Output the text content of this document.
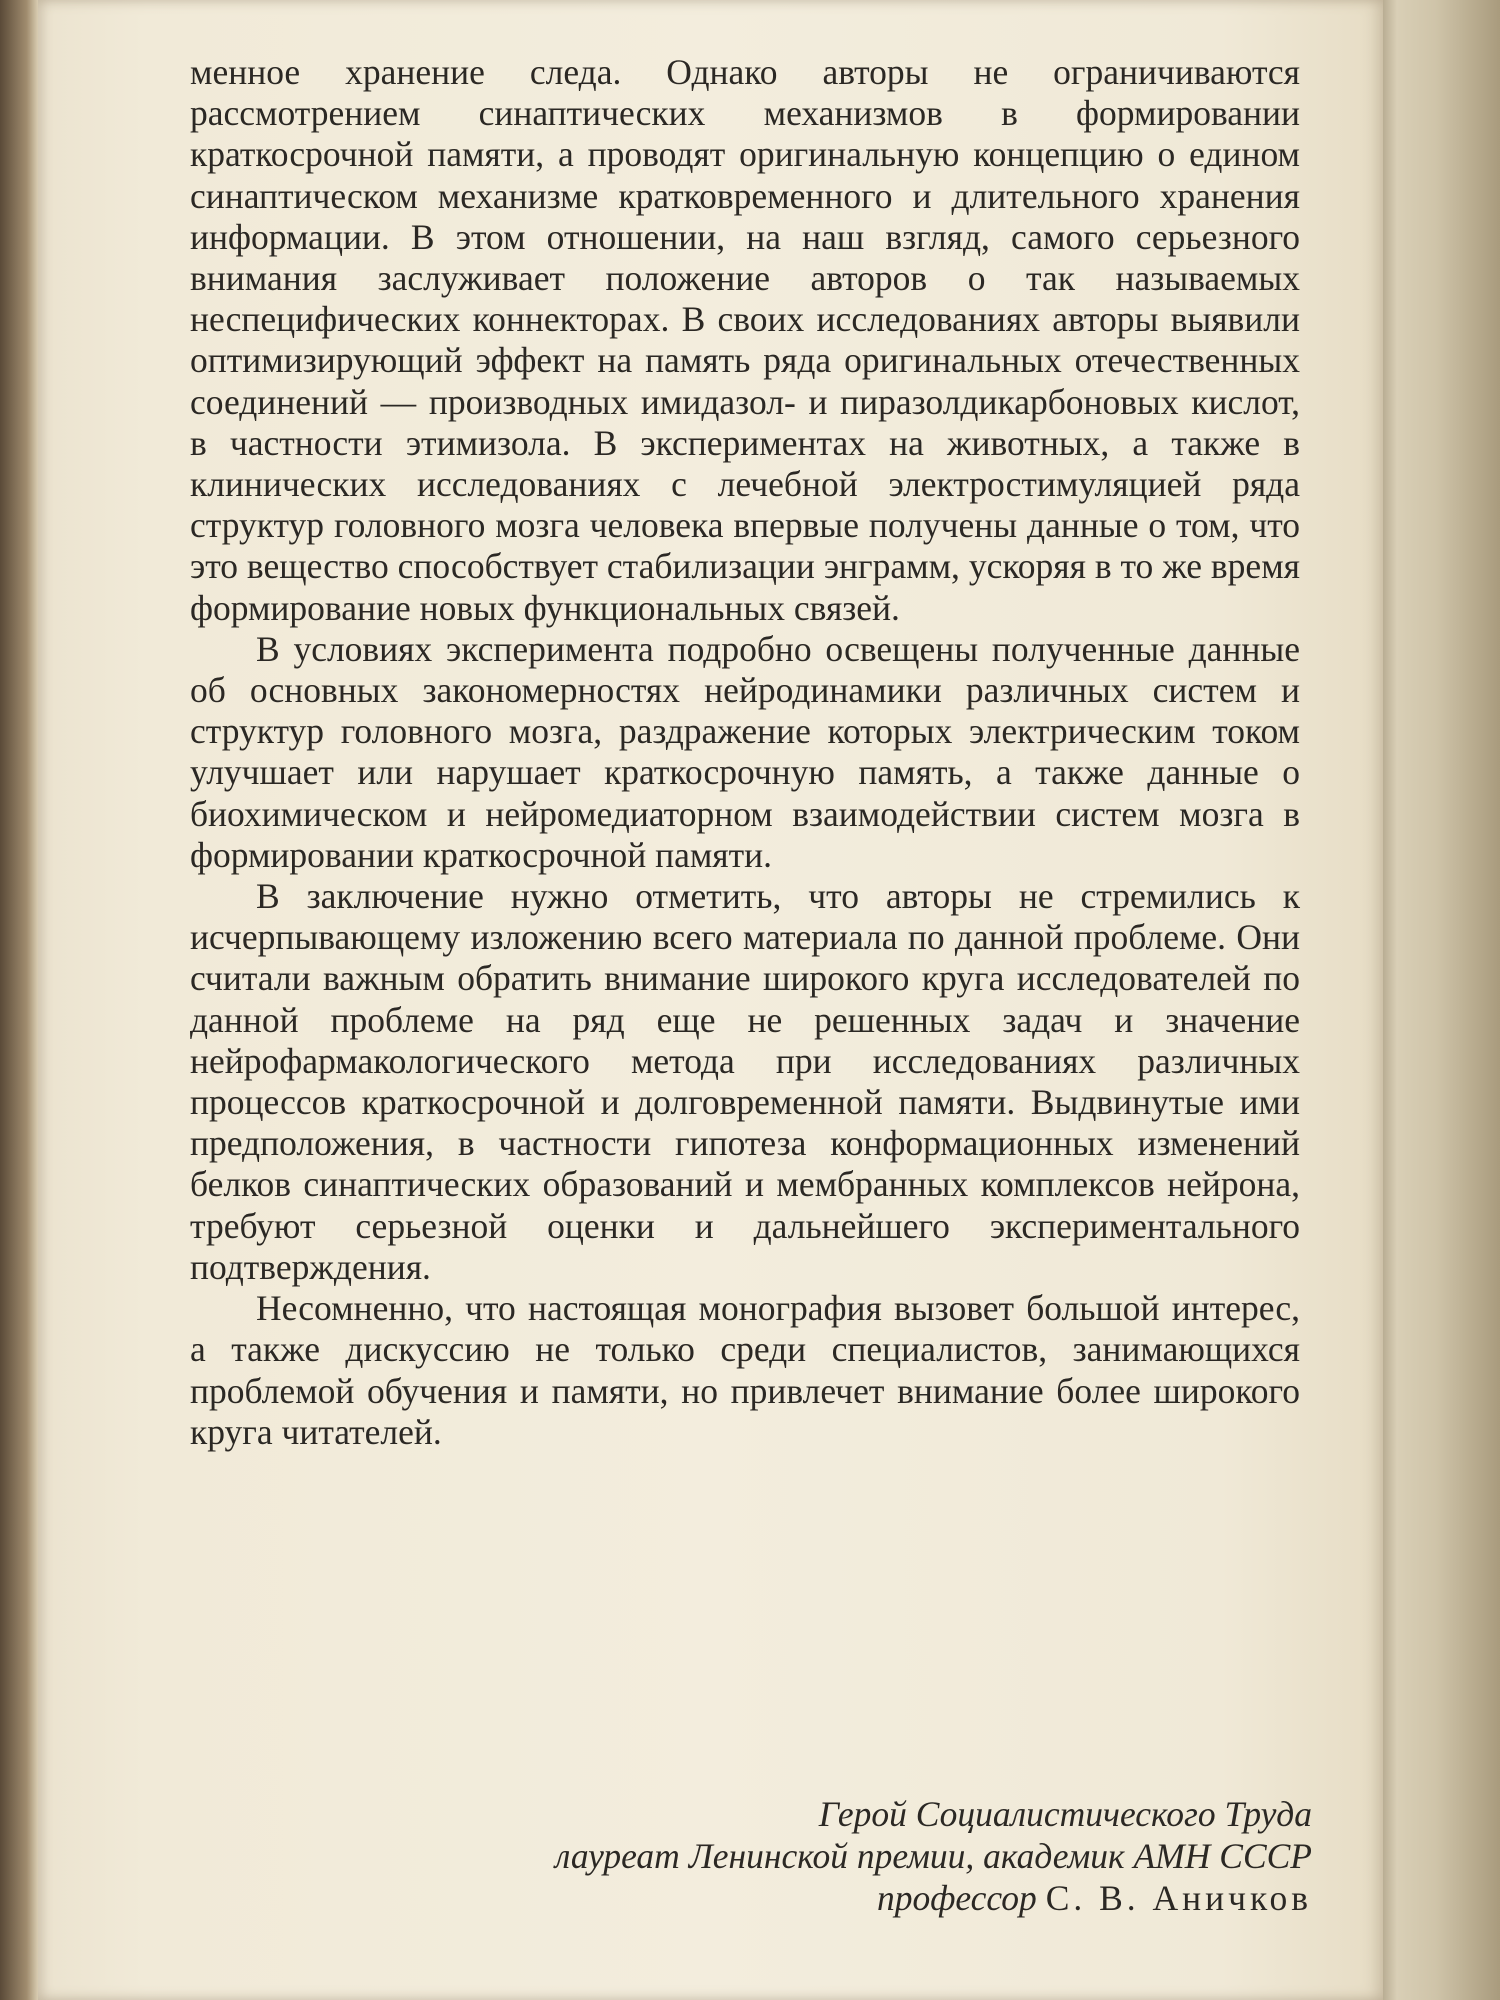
менное хранение следа. Однако авторы не ограничиваются рассмотрением синаптических механизмов в формировании краткосрочной памяти, а проводят оригинальную концепцию о едином синаптическом механизме кратковременного и длительного хранения информации. В этом отношении, на наш взгляд, самого серьезного внимания заслуживает положение авторов о так называемых неспецифических коннекторах. В своих исследованиях авторы выявили оптимизирующий эффект на память ряда оригинальных отечественных соединений — производных имидазол- и пиразолдикарбоновых кислот, в частности этимизола. В экспериментах на животных, а также в клинических исследованиях с лечебной электростимуляцией ряда структур головного мозга человека впервые получены данные о том, что это вещество способствует стабилизации энграмм, ускоряя в то же время формирование новых функциональных связей.

В условиях эксперимента подробно освещены полученные данные об основных закономерностях нейродинамики различных систем и структур головного мозга, раздражение которых электрическим током улучшает или нарушает краткосрочную память, а также данные о биохимическом и нейромедиаторном взаимодействии систем мозга в формировании краткосрочной памяти.

В заключение нужно отметить, что авторы не стремились к исчерпывающему изложению всего материала по данной проблеме. Они считали важным обратить внимание широкого круга исследователей по данной проблеме на ряд еще не решенных задач и значение нейрофармакологического метода при исследованиях различных процессов краткосрочной и долговременной памяти. Выдвинутые ими предположения, в частности гипотеза конформационных изменений белков синаптических образований и мембранных комплексов нейрона, требуют серьезной оценки и дальнейшего экспериментального подтверждения.

Несомненно, что настоящая монография вызовет большой интерес, а также дискуссию не только среди специалистов, занимающихся проблемой обучения и памяти, но привлечет внимание более широкого круга читателей.

Герой Социалистического Труда
лауреат Ленинской премии, академик АМН СССР
профессор С. В. Аничков
